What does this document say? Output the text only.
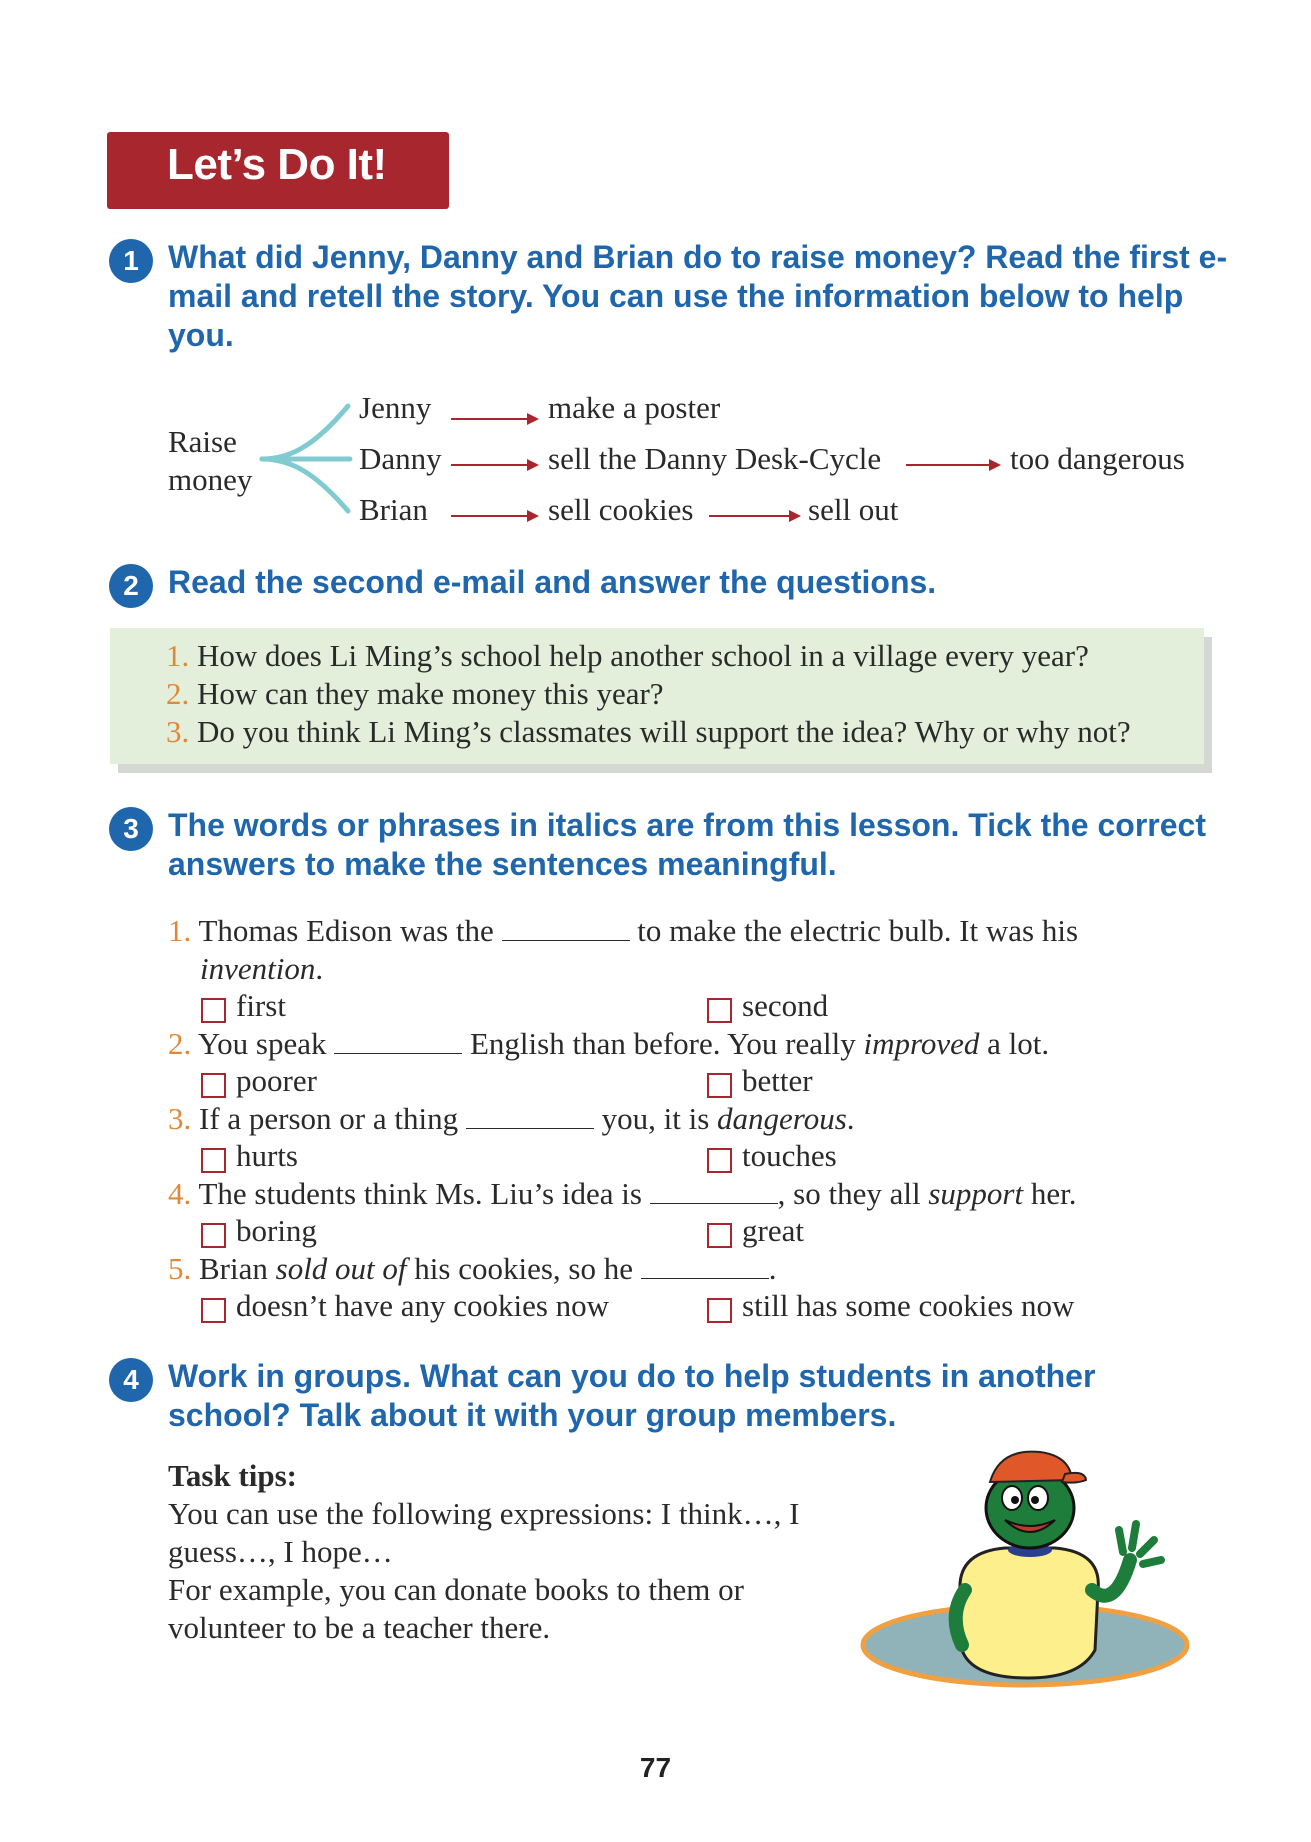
Let’s Do It!
1 What did Jenny, Danny and Brian do to raise money? Read the first e-mail and retell the story. You can use the information below to help you.
Raise
money
Jenny	make a poster
Danny	sell the Danny Desk-Cycle	too dangerous
Brian	sell cookies	sell out
2 Read the second e-mail and answer the questions.
1. How does Li Ming’s school help another school in a village every year?
2. How can they make money this year?
3. Do you think Li Ming’s classmates will support the idea? Why or why not?
3 The words or phrases in italics are from this lesson. Tick the correct answers to make the sentences meaningful.
1. Thomas Edison was the	to make the electric bulb. It was his
invention.
first	second
2. You speak	English than before. You really improved a lot.
poorer	better
3. If a person or a thing	you, it is dangerous.
hurts	touches
4. The students think Ms. Liu’s idea is	, so they all support her.
boring	great
5. Brian sold out of his cookies, so he	.
doesn’t have any cookies now	still has some cookies now
4 Work in groups. What can you do to help students in another school? Talk about it with your group members.
Task tips:
You can use the following expressions: I think…, I
guess…, I hope…
For example, you can donate books to them or
volunteer to be a teacher there.
77
